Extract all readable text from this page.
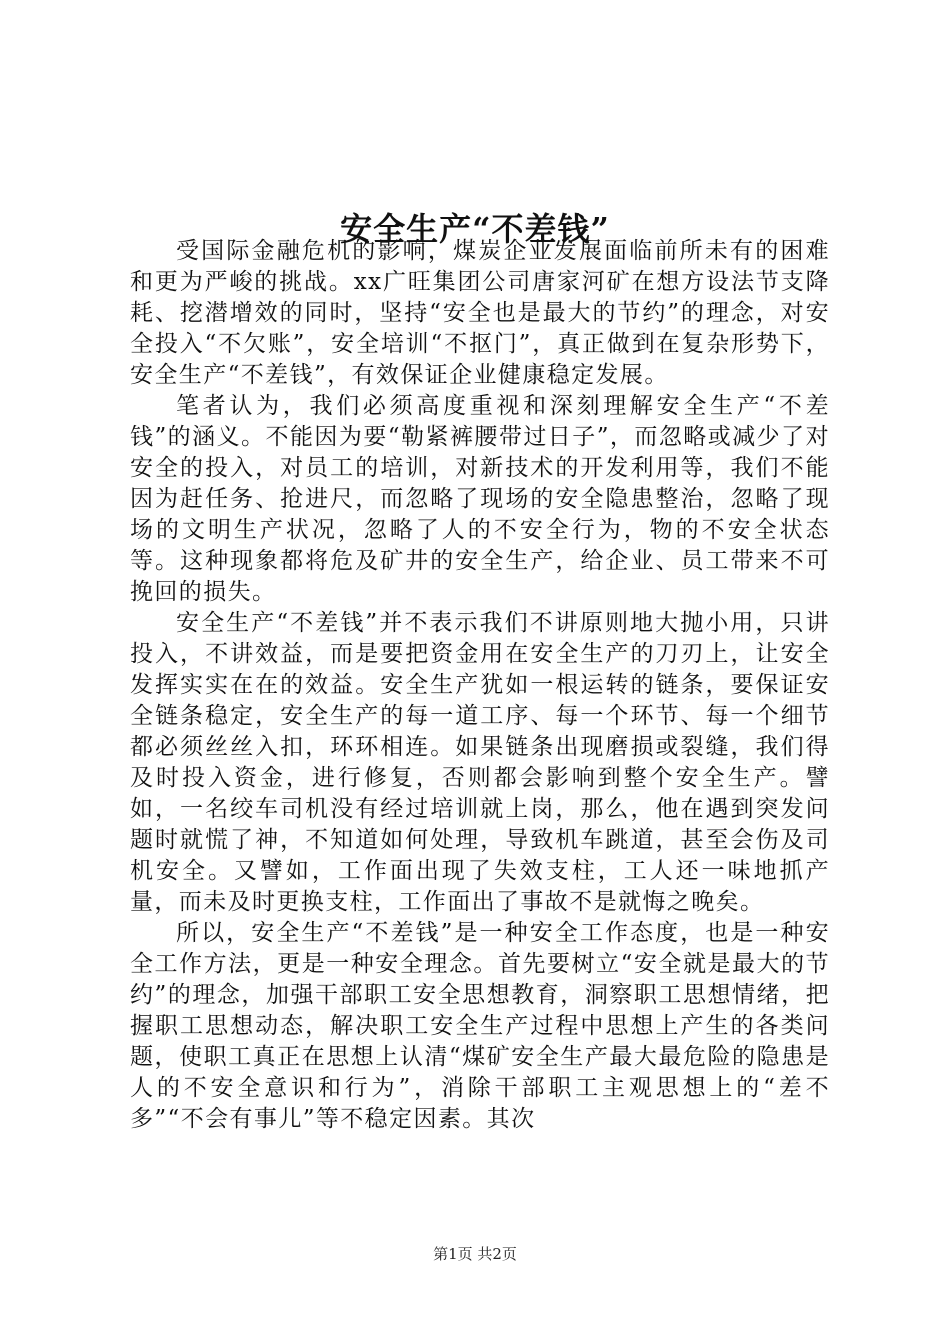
安全生产“不差钱”

受国际金融危机的影响，煤炭企业发展面临前所未有的困难和更为严峻的挑战。xx广旺集团公司唐家河矿在想方设法节支降耗、挖潜增效的同时，坚持“安全也是最大的节约”的理念，对安全投入“不欠账”，安全培训“不抠门”，真正做到在复杂形势下，安全生产“不差钱”，有效保证企业健康稳定发展。

笔者认为，我们必须高度重视和深刻理解安全生产“不差钱”的涵义。不能因为要“勒紧裤腰带过日子”，而忽略或减少了对安全的投入，对员工的培训，对新技术的开发利用等，我们不能因为赶任务、抢进尺，而忽略了现场的安全隐患整治，忽略了现场的文明生产状况，忽略了人的不安全行为，物的不安全状态等。这种现象都将危及矿井的安全生产，给企业、员工带来不可挽回的损失。

安全生产“不差钱”并不表示我们不讲原则地大抛小用，只讲投入，不讲效益，而是要把资金用在安全生产的刀刃上，让安全发挥实实在在的效益。安全生产犹如一根运转的链条，要保证安全链条稳定，安全生产的每一道工序、每一个环节、每一个细节都必须丝丝入扣，环环相连。如果链条出现磨损或裂缝，我们得及时投入资金，进行修复，否则都会影响到整个安全生产。譬如，一名绞车司机没有经过培训就上岗，那么，他在遇到突发问题时就慌了神，不知道如何处理，导致机车跳道，甚至会伤及司机安全。又譬如，工作面出现了失效支柱，工人还一味地抓产量，而未及时更换支柱，工作面出了事故不是就悔之晚矣。

所以，安全生产“不差钱”是一种安全工作态度，也是一种安全工作方法，更是一种安全理念。首先要树立“安全就是最大的节约”的理念，加强干部职工安全思想教育，洞察职工思想情绪，把握职工思想动态，解决职工安全生产过程中思想上产生的各类问题，使职工真正在思想上认清“煤矿安全生产最大最危险的隐患是人的不安全意识和行为”，消除干部职工主观思想上的“差不多”“不会有事儿”等不稳定因素。其次

第1页 共2页
